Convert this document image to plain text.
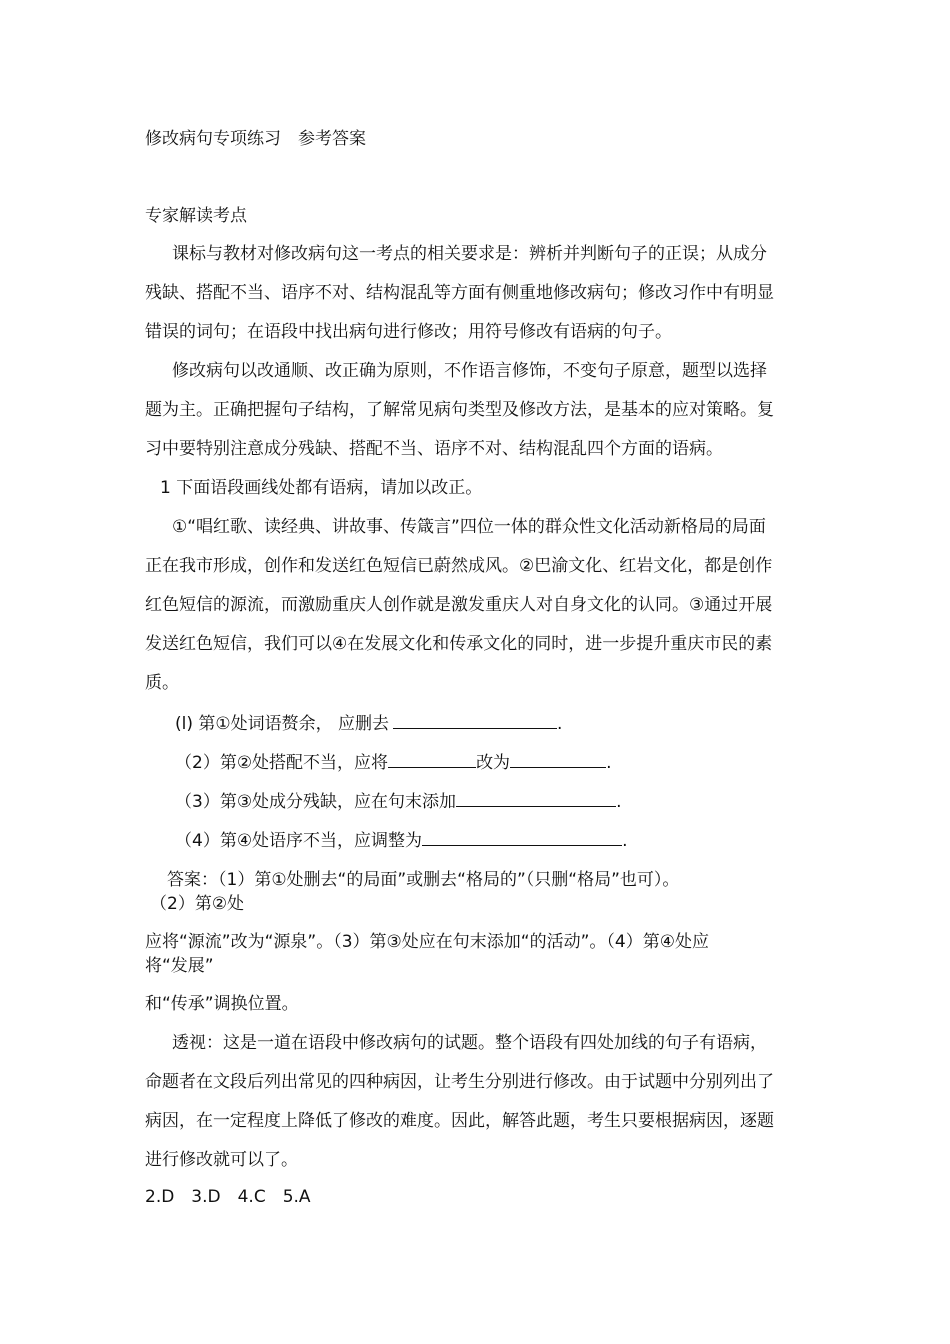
修改病句专项练习　参考答案
专家解读考点
课标与教材对修改病句这一考点的相关要求是：辨析并判断句子的正误；从成分
残缺、搭配不当、语序不对、结构混乱等方面有侧重地修改病句；修改习作中有明显
错误的词句；在语段中找出病句进行修改；用符号修改有语病的句子。
修改病句以改通顺、改正确为原则，不作语言修饰，不变句子原意，题型以选择
题为主。正确把握句子结构，了解常见病句类型及修改方法，是基本的应对策略。复
习中要特别注意成分残缺、搭配不当、语序不对、结构混乱四个方面的语病。
1 下面语段画线处都有语病，请加以改正。
①“唱红歌、读经典、讲故事、传箴言”四位一体的群众性文化活动新格局的局面
正在我市形成，创作和发送红色短信已蔚然成风。②巴渝文化、红岩文化，都是创作
红色短信的源流，而激励重庆人创作就是激发重庆人对自身文化的认同。③通过开展
发送红色短信，我们可以④在发展文化和传承文化的同时，进一步提升重庆市民的素
质。
(l) 第①处词语赘余， 应删去	.
（2）第②处搭配不当，应将	改为	.
（3）第③处成分残缺，应在句末添加	.
（4）第④处语序不当，应调整为	.
答案：（1）第①处删去“的局面”或删去“格局的”（只删“格局”也可）。
（2）第②处
应将“源流”改为“源泉”。（3）第③处应在句末添加“的活动”。（4）第④处应
将“发展”
和“传承”调换位置。
透视：这是一道在语段中修改病句的试题。整个语段有四处加线的句子有语病，
命题者在文段后列出常见的四种病因，让考生分别进行修改。由于试题中分别列出了
病因，在一定程度上降低了修改的难度。因此，解答此题，考生只要根据病因，逐题
进行修改就可以了。
2.D　3.D　4.C　5.A
